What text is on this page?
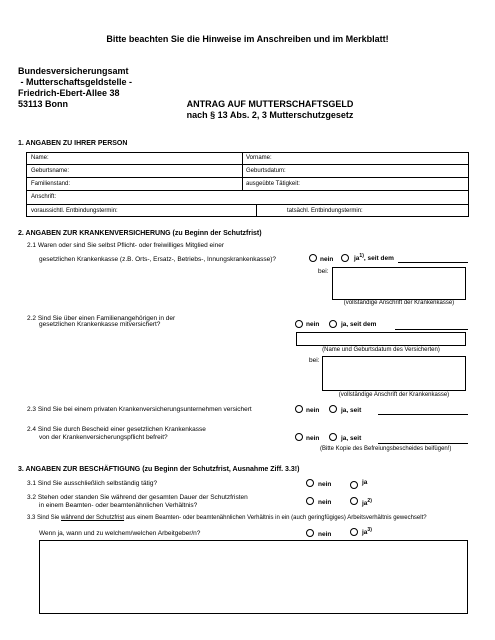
Bitte beachten Sie die Hinweise im Anschreiben und im Merkblatt!
Bundesversicherungsamt
- Mutterschaftsgeldstelle -
Friedrich-Ebert-Allee 38
53113 Bonn	ANTRAG AUF MUTTERSCHAFTSGELD
nach § 13 Abs. 2, 3 Mutterschutzgesetz
1. ANGABEN ZU IHRER PERSON
Name:	Vorname:
Geburtsname:	Geburtsdatum:
Familienstand:	ausgeübte Tätigkeit:
Anschrift:
voraussichtl. Entbindungstermin:	tatsächl. Entbindungstermin:
2. ANGABEN ZUR KRANKENVERSICHERUNG (zu Beginn der Schutzfrist)
2.1 Waren oder sind Sie selbst Pflicht- oder freiwilliges Mitglied einer
gesetzlichen Krankenkasse (z.B. Orts-, Ersatz-, Betriebs-, Innungskrankenkasse)?	nein	$ja^{1)}$, seit dem
bei:
(vollständige Anschrift der Krankenkasse)
2.2 Sind Sie über einen Familienangehörigen in der
gesetzlichen Krankenkasse mitversichert?	nein	ja, seit dem
(Name und Geburtsdatum des Versicherten)
bei:
(vollständige Anschrift der Krankenkasse)
2.3 Sind Sie bei einem privaten Krankenversicherungsunternehmen versichert	nein	ja, seit
2.4 Sind Sie durch Bescheid einer gesetzlichen Krankenkasse
von der Krankenversicherungspflicht befreit?	nein	ja, seit
(Bitte Kopie des Befreiungsbescheides beifügen!)
3. ANGABEN ZUR BESCHÄFTIGUNG (zu Beginn der Schutzfrist, Ausnahme Ziff. 3.3!)
3.1 Sind Sie ausschließlich selbständig tätig?	nein	ja
3.2 Stehen oder standen Sie während der gesamten Dauer der Schutzfristen
in einem Beamten- oder beamtenähnlichen Verhältnis?	nein	$ja^{2)}$
3.3 Sind Sie während der Schutzfrist aus einem Beamten- oder beamtenähnlichen Verhältnis in ein (auch geringfügiges) Arbeitsverhältnis gewechselt?
Wenn ja, wann und zu welchem/welchen Arbeitgeber/n?	nein	$ja^{3)}$
